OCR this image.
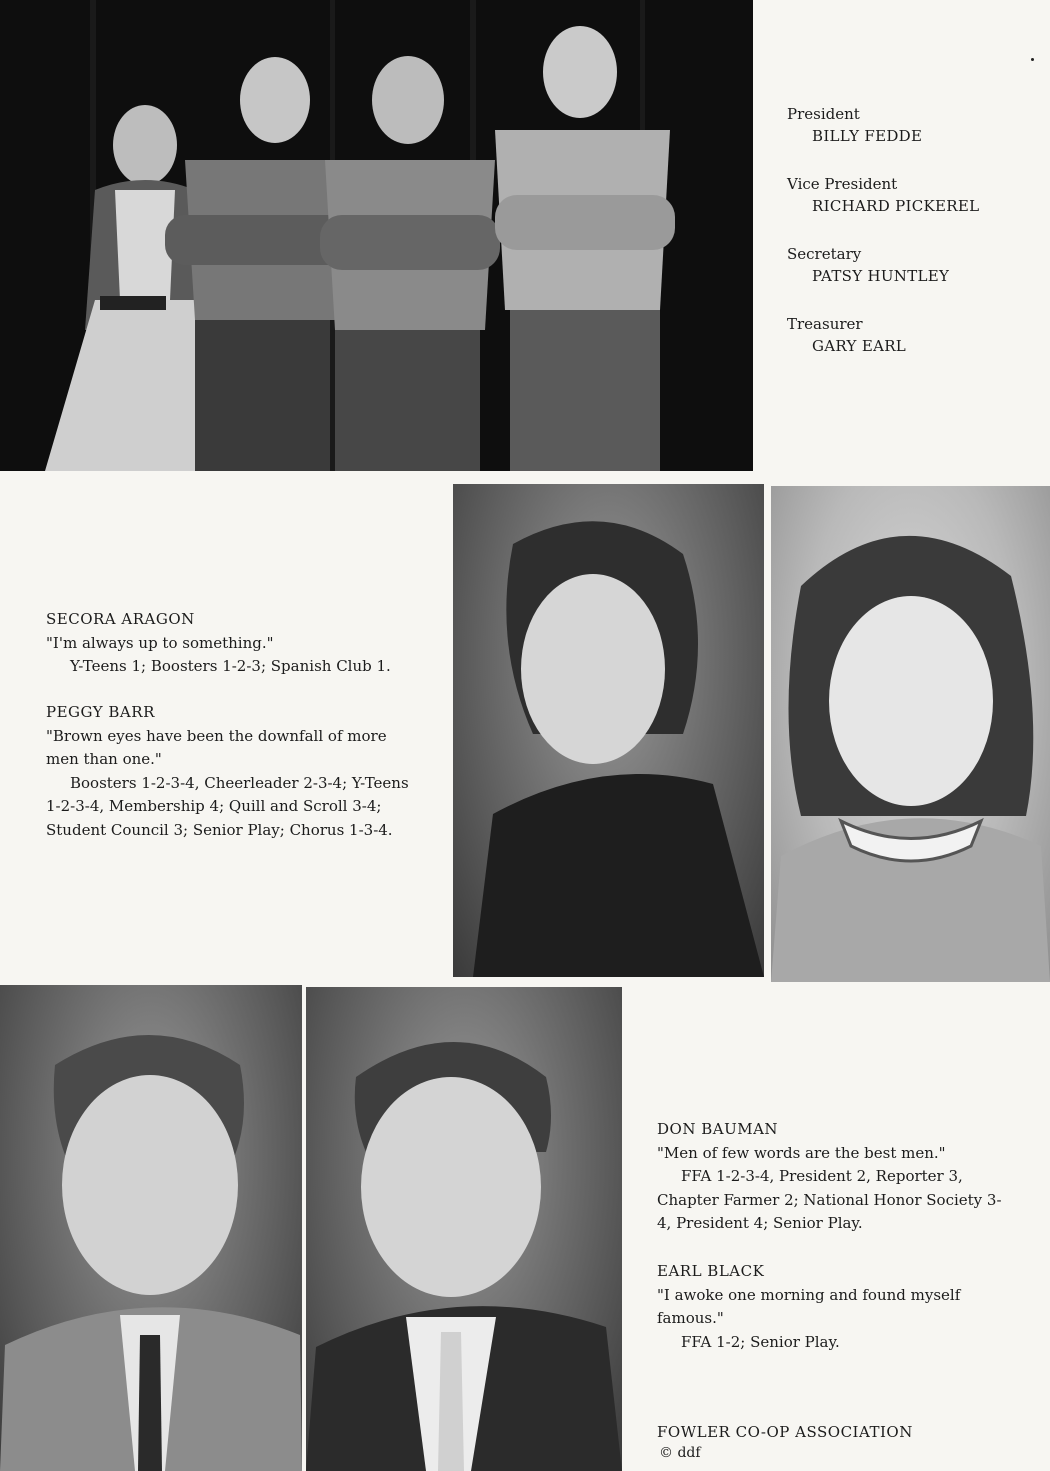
President
BILLY FEDDE
Vice President
RICHARD PICKEREL
Secretary
PATSY HUNTLEY
Treasurer
GARY EARL
SECORA ARAGON
"I'm always up to something."
Y-Teens 1; Boosters 1-2-3; Spanish Club 1.
PEGGY BARR
"Brown eyes have been the downfall of more men than one."
Boosters 1-2-3-4, Cheerleader 2-3-4; Y-Teens 1-2-3-4, Membership 4; Quill and Scroll 3-4; Student Council 3; Senior Play; Chorus 1-3-4.
DON BAUMAN
"Men of few words are the best men."
FFA 1-2-3-4, President 2, Reporter 3, Chapter Farmer 2; National Honor Society 3-4, President 4; Senior Play.
EARL BLACK
"I awoke one morning and found myself famous."
FFA 1-2; Senior Play.
FOWLER CO-OP ASSOCIATION
© ddf
